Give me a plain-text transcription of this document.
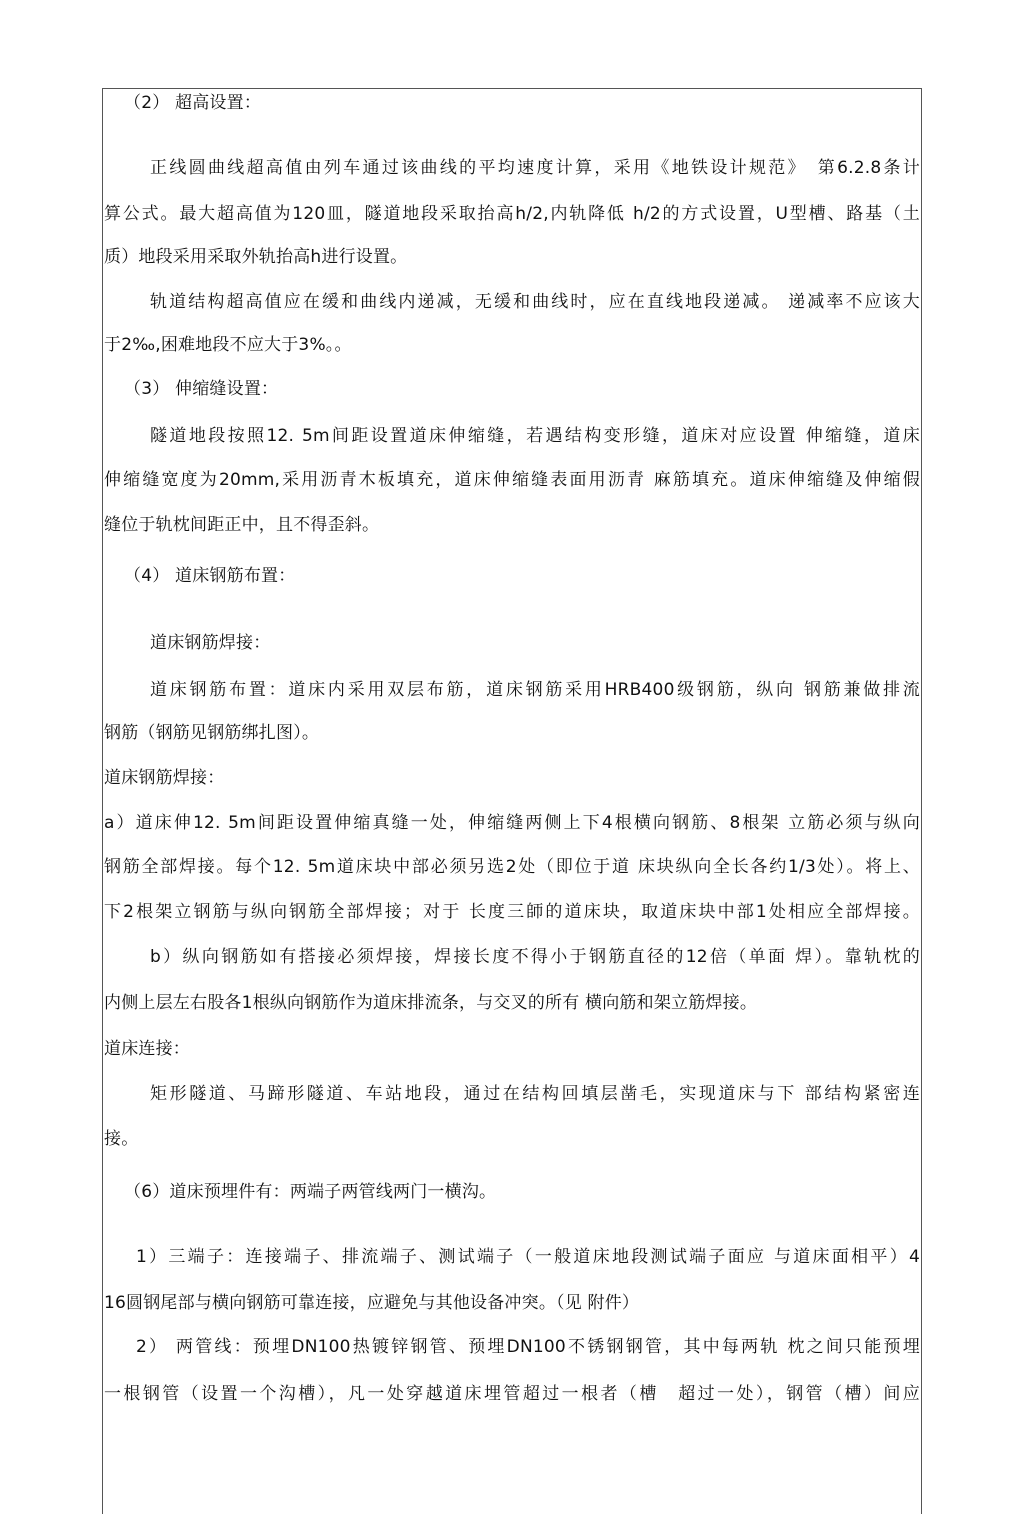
（2） 超高设置：
正线圆曲线超高值由列车通过该曲线的平均速度计算，采用《地铁设计规范》　第6.2.8条计
算公式。最大超高值为120皿，隧道地段采取抬高h/2,内轨降低 h/2的方式设置，U型槽、路基（土
质）地段采用采取外轨抬高h进行设置。
轨道结构超高值应在缓和曲线内递减，无缓和曲线时，应在直线地段递减。 递减率不应该大
于2‰,困难地段不应大于3%。。
（3） 伸缩缝设置：
隧道地段按照12. 5m间距设置道床伸缩缝，若遇结构变形缝，道床对应设置 伸缩缝，道床
伸缩缝宽度为20mm,采用沥青木板填充，道床伸缩缝表面用沥青 麻筋填充。道床伸缩缝及伸缩假
缝位于轨枕间距正中，且不得歪斜。
（4） 道床钢筋布置：
道床钢筋焊接：
道床钢筋布置：道床内采用双层布筋，道床钢筋采用HRB400级钢筋，纵向 钢筋兼做排流
钢筋（钢筋见钢筋绑扎图）。
道床钢筋焊接：
a）道床伸12. 5m间距设置伸缩真缝一处，伸缩缝两侧上下4根横向钢筋、8根架 立筋必须与纵向
钢筋全部焊接。每个12. 5m道床块中部必须另选2处（即位于道 床块纵向全长各约1/3处）。将上、
下2根架立钢筋与纵向钢筋全部焊接；对于 长度三師的道床块，取道床块中部1处相应全部焊接。
b）纵向钢筋如有搭接必须焊接，焊接长度不得小于钢筋直径的12倍（单面 焊）。靠轨枕的
内侧上层左右股各1根纵向钢筋作为道床排流条，与交叉的所有 横向筋和架立筋焊接。
道床连接：
矩形隧道、马蹄形隧道、车站地段，通过在结构回填层凿毛，实现道床与下 部结构紧密连
接。
（6）道床预埋件有：两端子两管线两门一横沟。
1）三端子：连接端子、排流端子、测试端子（一般道床地段测试端子面应 与道床面相平）4
16圆钢尾部与横向钢筋可靠连接，应避免与其他设备冲突。（见 附件）
2） 两管线：预埋DN100热镀锌钢管、预埋DN100不锈钢钢管，其中每两轨 枕之间只能预埋
一根钢管（设置一个沟槽），凡一处穿越道床埋管超过一根者（槽　超过一处），钢管（槽）间应
